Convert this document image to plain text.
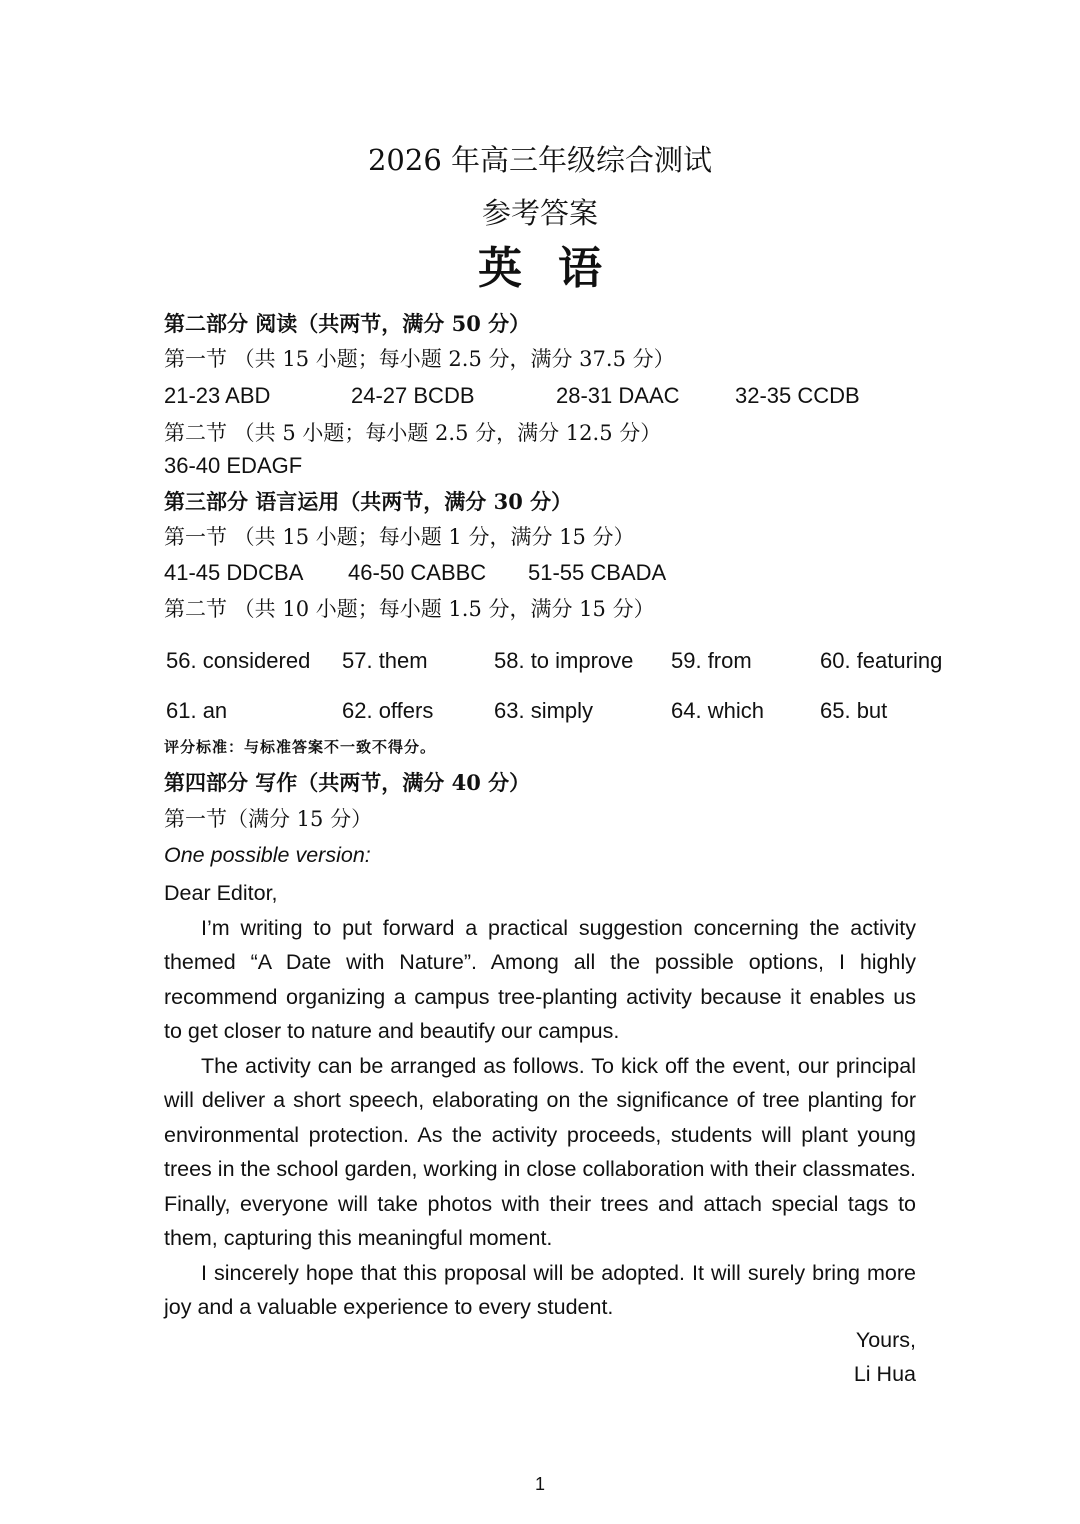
2026 年高三年级综合测试
参考答案
英语
第二部分 阅读（共两节，满分 50 分）
第一节 （共 15 小题；每小题 2.5 分，满分 37.5 分）
21-23 ABD	24-27 BCDB	28-31 DAAC	32-35 CCDB
第二节 （共 5 小题；每小题 2.5 分，满分 12.5 分）
36-40 EDAGF
第三部分 语言运用（共两节，满分 30 分）
第一节 （共 15 小题；每小题 1 分，满分 15 分）
41-45 DDCBA 46-50 CABBC 51-55 CBADA
第二节 （共 10 小题；每小题 1.5 分，满分 15 分）
56. considered 57. them	58. to improve 59. from	60. featuring
61. an	62. offers	63. simply	64. which	65. but
评分标准：与标准答案不一致不得分。
第四部分 写作（共两节，满分 40 分）
第一节（满分 15 分）
One possible version:

Dear Editor,

I’m writing to put forward a practical suggestion concerning the activity themed “A Date with Nature”. Among all the possible options, I highly recommend organizing a campus tree-planting activity because it enables us to get closer to nature and beautify our campus.

The activity can be arranged as follows. To kick off the event, our principal will deliver a short speech, elaborating on the significance of tree planting for environmental protection. As the activity proceeds, students will plant young trees in the school garden, working in close collaboration with their classmates. Finally, everyone will take photos with their trees and attach special tags to them, capturing this meaningful moment.

I sincerely hope that this proposal will be adopted. It will surely bring more joy and a valuable experience to every student.

Yours,
Li Hua
1
